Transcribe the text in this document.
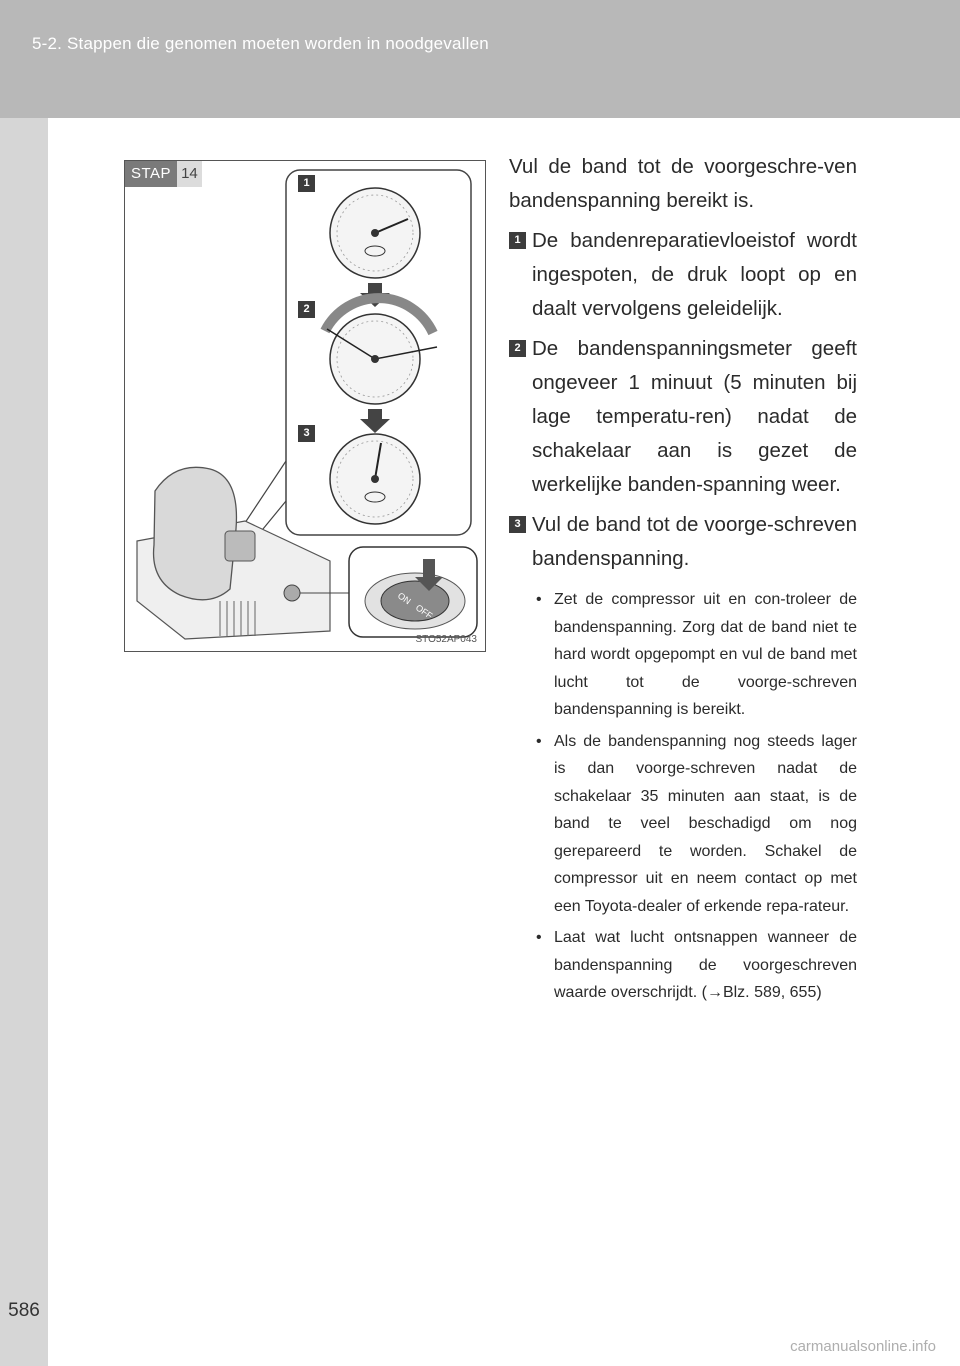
5-2. Stappen die genomen moeten worden in noodgevallen
586
ON
OFF
STAP 14
1
2
3
STO52AP043

Vul de band tot de voorgeschre-ven bandenspanning bereikt is.

1 De bandenreparatievloeistof wordt ingespoten, de druk loopt op en daalt vervolgens geleidelijk.
2 De bandenspanningsmeter geeft ongeveer 1 minuut (5 minuten bij lage temperatu-ren) nadat de schakelaar aan is gezet de werkelijke banden-spanning weer.
3 Vul de band tot de voorge-schreven bandenspanning.
• Zet de compressor uit en con-troleer de bandenspanning. Zorg dat de band niet te hard wordt opgepompt en vul de band met lucht tot de voorge-schreven bandenspanning is bereikt.
• Als de bandenspanning nog steeds lager is dan voorge-schreven nadat de schakelaar 35 minuten aan staat, is de band te veel beschadigd om nog gerepareerd te worden. Schakel de compressor uit en neem contact op met een Toyota-dealer of erkende repa-rateur.
• Laat wat lucht ontsnappen wanneer de bandenspanning de voorgeschreven waarde overschrijdt. (→Blz. 589, 655)
carmanualsonline.info
